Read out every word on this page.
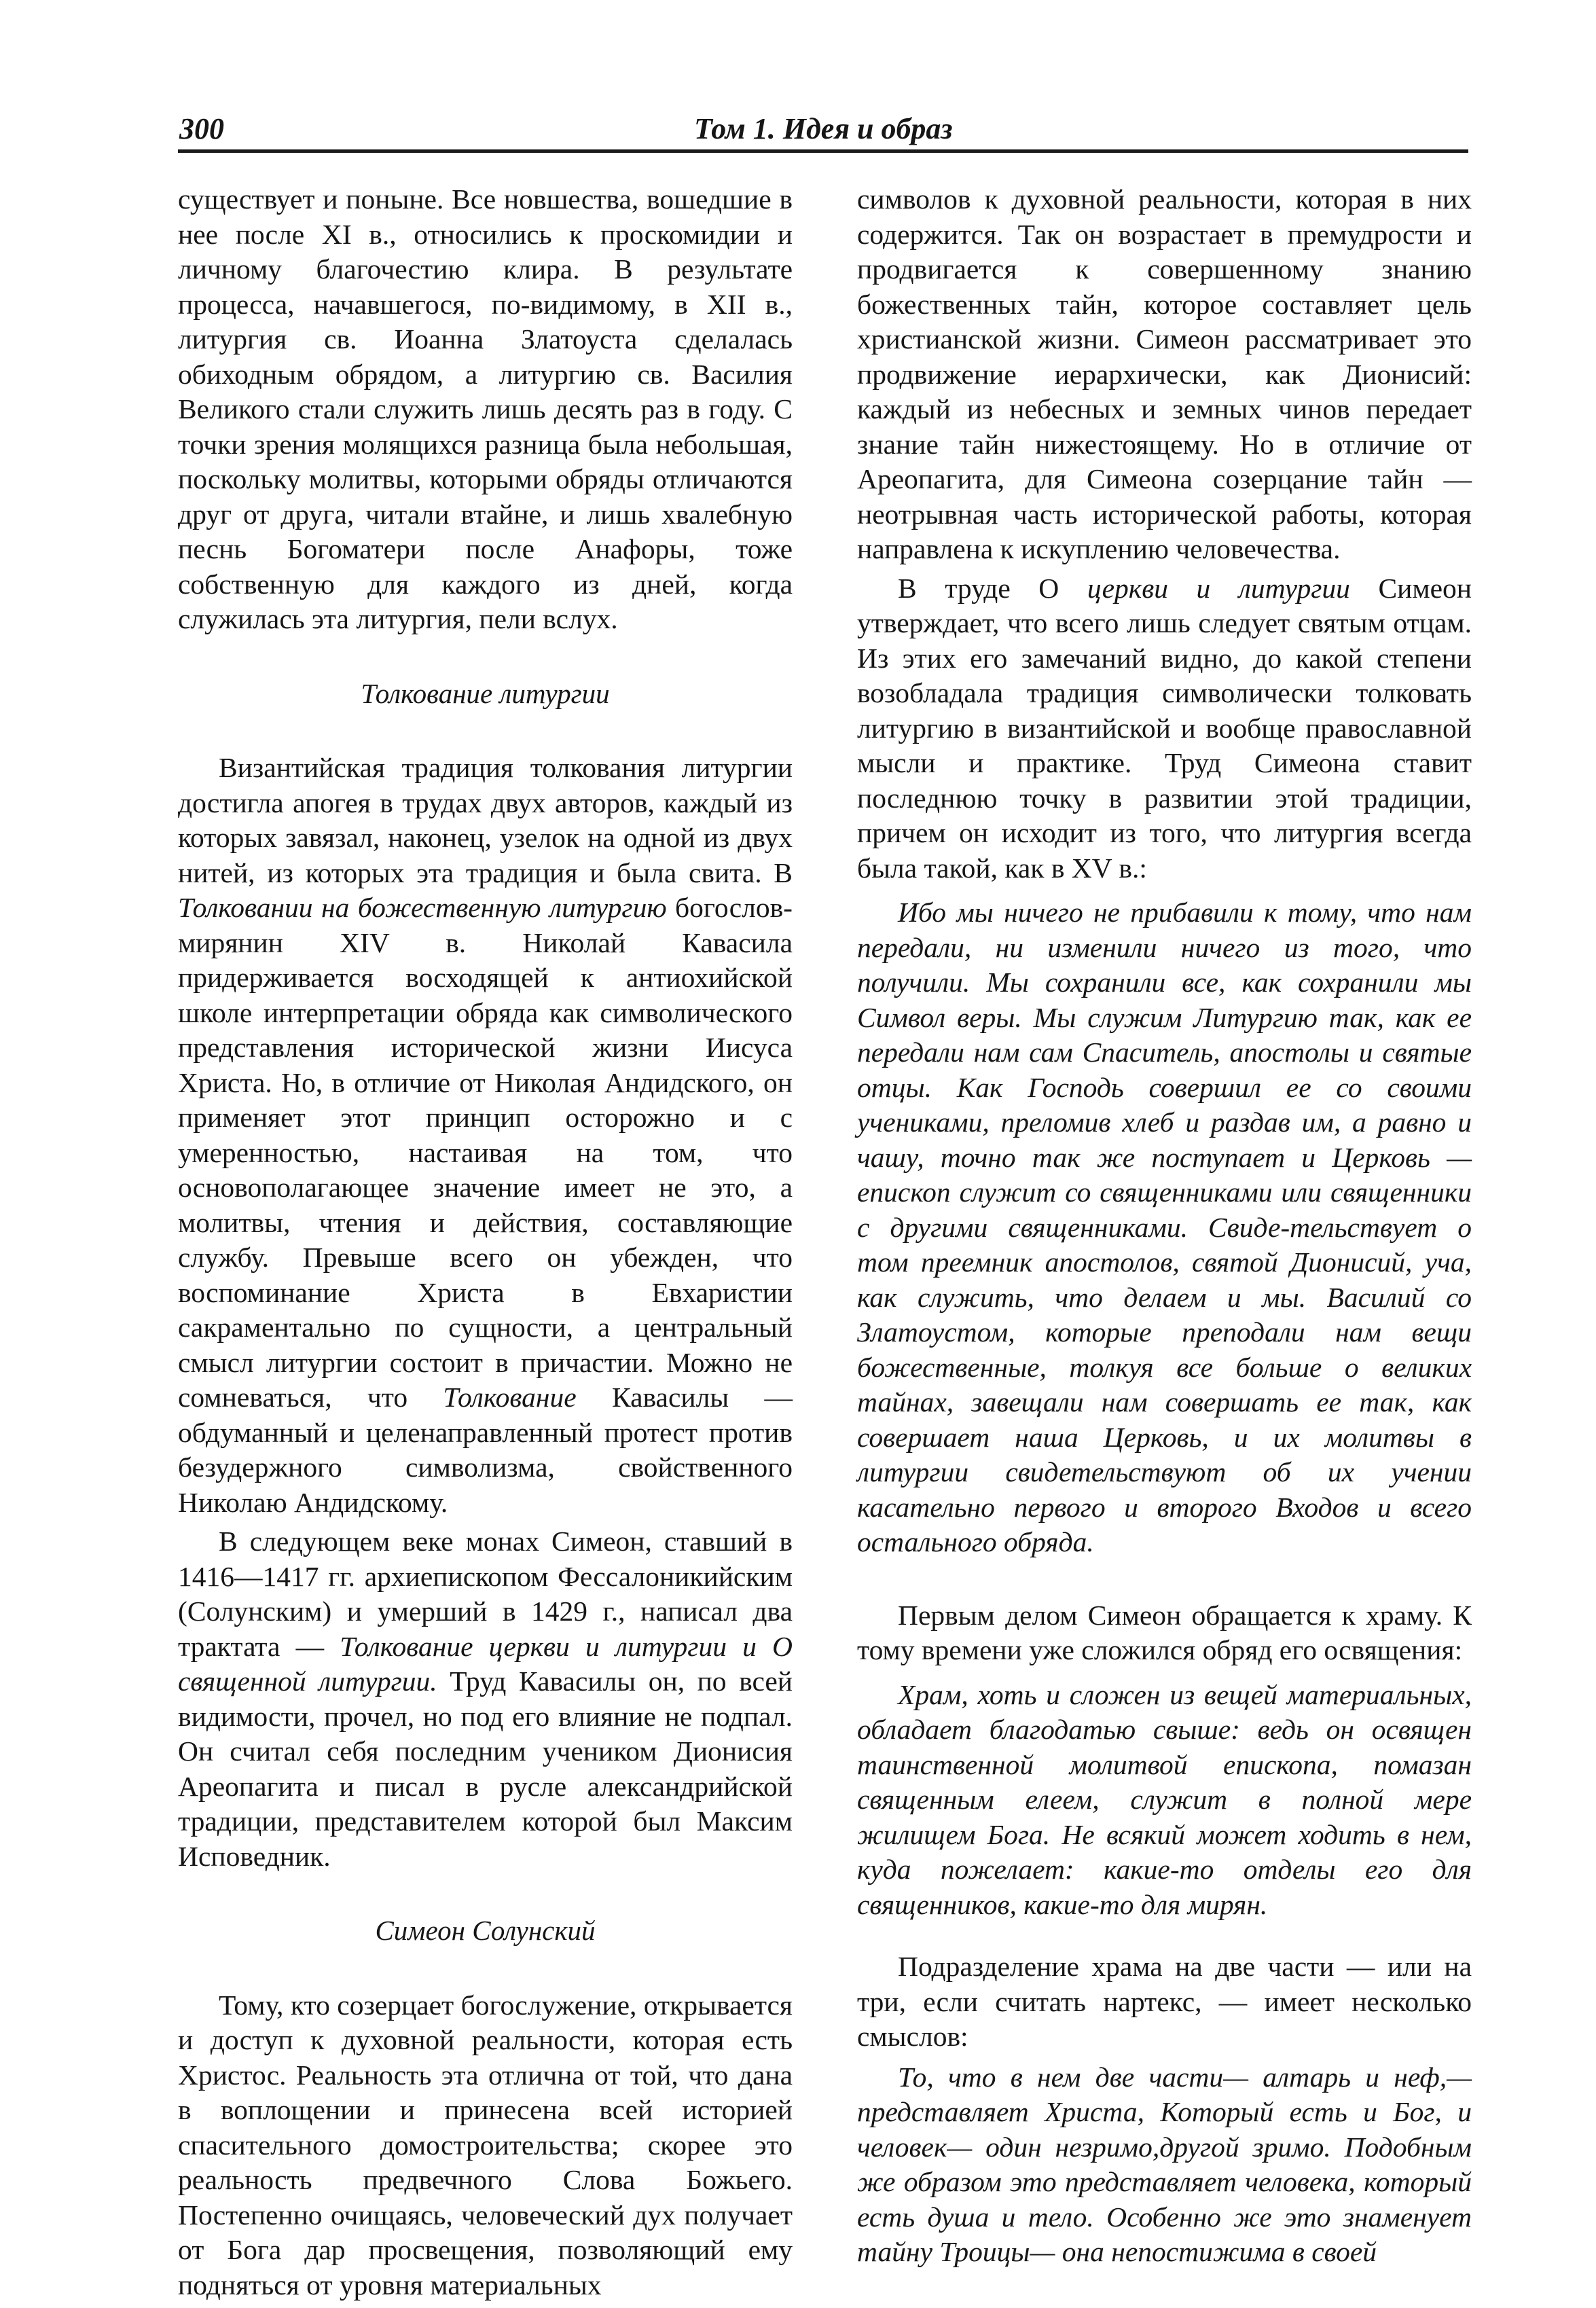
300	Том 1. Идея и образ

существует и поныне. Все новшества, вошедшие в нее после XI в., относились к проскомидии и личному благочестию клира. В результате процесса, начавшегося, по-видимому, в XII в., литургия св. Иоанна Златоуста сделалась обиходным обрядом, а литургию св. Василия Великого стали служить лишь десять раз в году. С точки зрения молящихся разница была небольшая, поскольку молитвы, которыми обряды отличаются друг от друга, читали втайне, и лишь хвалебную песнь Богоматери после Анафоры, тоже собственную для каждого из дней, когда служилась эта литургия, пели вслух.

Толкование литургии

Византийская традиция толкования литургии достигла апогея в трудах двух авторов, каждый из которых завязал, наконец, узелок на одной из двух нитей, из которых эта традиция и была свита. В Толковании на божественную литургию богослов-мирянин XIV в. Николай Кавасила придерживается восходящей к антиохийской школе интерпретации обряда как символического представления исторической жизни Иисуса Христа. Но, в отличие от Николая Андидского, он применяет этот принцип осторожно и с умеренностью, настаивая на том, что основополагающее значение имеет не это, а молитвы, чтения и действия, составляющие службу. Превыше всего он убежден, что воспоминание Христа в Евхаристии сакраментально по сущности, а центральный смысл литургии состоит в причастии. Можно не сомневаться, что Толкование Кавасилы — обдуманный и целенаправленный протест против безудержного символизма, свойственного Николаю Андидскому.

В следующем веке монах Симеон, ставший в 1416—1417 гг. архиепископом Фессалоникийским (Солунским) и умерший в 1429 г., написал два трактата — Толкование церкви и литургии и О священной литургии. Труд Кавасилы он, по всей видимости, прочел, но под его влияние не подпал. Он считал себя последним учеником Дионисия Ареопагита и писал в русле александрийской традиции, представителем которой был Максим Исповедник.

Симеон Солунский

Тому, кто созерцает богослужение, открывается и доступ к духовной реальности, которая есть Христос. Реальность эта отлична от той, что дана в воплощении и принесена всей историей спасительного домостроительства; скорее это реальность предвечного Слова Божьего. Постепенно очищаясь, человеческий дух получает от Бога дар просвещения, позволяющий ему подняться от уровня материальных

символов к духовной реальности, которая в них содержится. Так он возрастает в премудрости и продвигается к совершенному знанию божественных тайн, которое составляет цель христианской жизни. Симеон рассматривает это продвижение иерархически, как Дионисий: каждый из небесных и земных чинов передает знание тайн нижестоящему. Но в отличие от Ареопагита, для Симеона созерцание тайн — неотрывная часть исторической работы, которая направлена к искуплению человечества.

В труде О церкви и литургии Симеон утверждает, что всего лишь следует святым отцам. Из этих его замечаний видно, до какой степени возобладала традиция символически толковать литургию в византийской и вообще православной мысли и практике. Труд Симеона ставит последнюю точку в развитии этой традиции, причем он исходит из того, что литургия всегда была такой, как в XV в.:

Ибо мы ничего не прибавили к тому, что нам передали, ни изменили ничего из того, что получили. Мы сохранили все, как сохранили мы Символ веры. Мы служим Литургию так, как ее передали нам сам Спаситель, апостолы и святые отцы. Как Господь совершил ее со своими учениками, преломив хлеб и раздав им, а равно и чашу, точно так же поступает и Церковь — епископ служит со священниками или священники с другими священниками. Свиде-тельствует о том преемник апостолов, святой Дионисий, уча, как служить, что делаем и мы. Василий со Златоустом, которые преподали нам вещи божественные, толкуя все больше о великих тайнах, завещали нам совершать ее так, как совершает наша Церковь, и их молитвы в литургии свидетельствуют об их учении касательно первого и второго Входов и всего остального обряда.

Первым делом Симеон обращается к храму. К тому времени уже сложился обряд его освящения:

Храм, хоть и сложен из вещей материальных, обладает благодатью свыше: ведь он освящен таинственной молитвой епископа, помазан священным елеем, служит в полной мере жилищем Бога. Не всякий может ходить в нем, куда пожелает: какие-то отделы его для священников, какие-то для мирян.

Подразделение храма на две части — или на три, если считать нартекс, — имеет несколько смыслов:

То, что в нем две части— алтарь и неф,— представляет Христа, Который есть и Бог, и человек— один незримо,другой зримо. Подобным же образом это представляет человека, который есть душа и тело. Особенно же это знаменует тайну Троицы— она непостижима в своей
